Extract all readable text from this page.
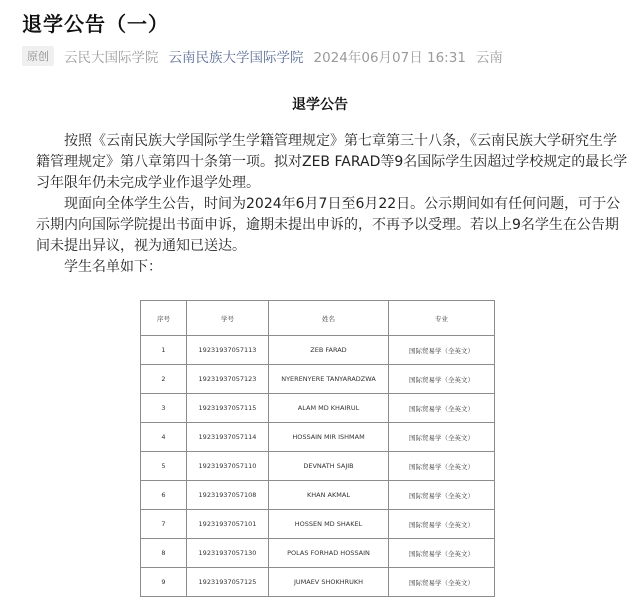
退学公告（一）
原创	云民大国际学院 云南民族大学国际学院 2024年06月07日 16:31 云南
退学公告

按照《云南民族大学国际学生学籍管理规定》第七章第三十八条，《云南民族大学研究生学籍管理规定》第八章第四十条第一项。拟对ZEB FARAD等9名国际学生因超过学校规定的最长学习年限年仍未完成学业作退学处理。

现面向全体学生公告，时间为2024年6月7日至6月22日。公示期间如有任何问题，可于公示期内向国际学院提出书面申诉，逾期未提出申诉的，不再予以受理。若以上9名学生在公告期间未提出异议，视为通知已送达。

学生名单如下：

序号	学号	姓名	专业
1	19231937057113	ZEB FARAD	国际贸易学（全英文）
2	19231937057123	NYERENYERE TANYARADZWA	国际贸易学（全英文）
3	19231937057115	ALAM MD KHAIRUL	国际贸易学（全英文）
4	19231937057114	HOSSAIN MIR ISHMAM	国际贸易学（全英文）
5	19231937057110	DEVNATH SAJIB	国际贸易学（全英文）
6	19231937057108	KHAN AKMAL	国际贸易学（全英文）
7	19231937057101	HOSSEN MD SHAKEL	国际贸易学（全英文）
8	19231937057130	POLAS FORHAD HOSSAIN	国际贸易学（全英文）
9	19231937057125	JUMAEV SHOKHRUKH	国际贸易学（全英文）
